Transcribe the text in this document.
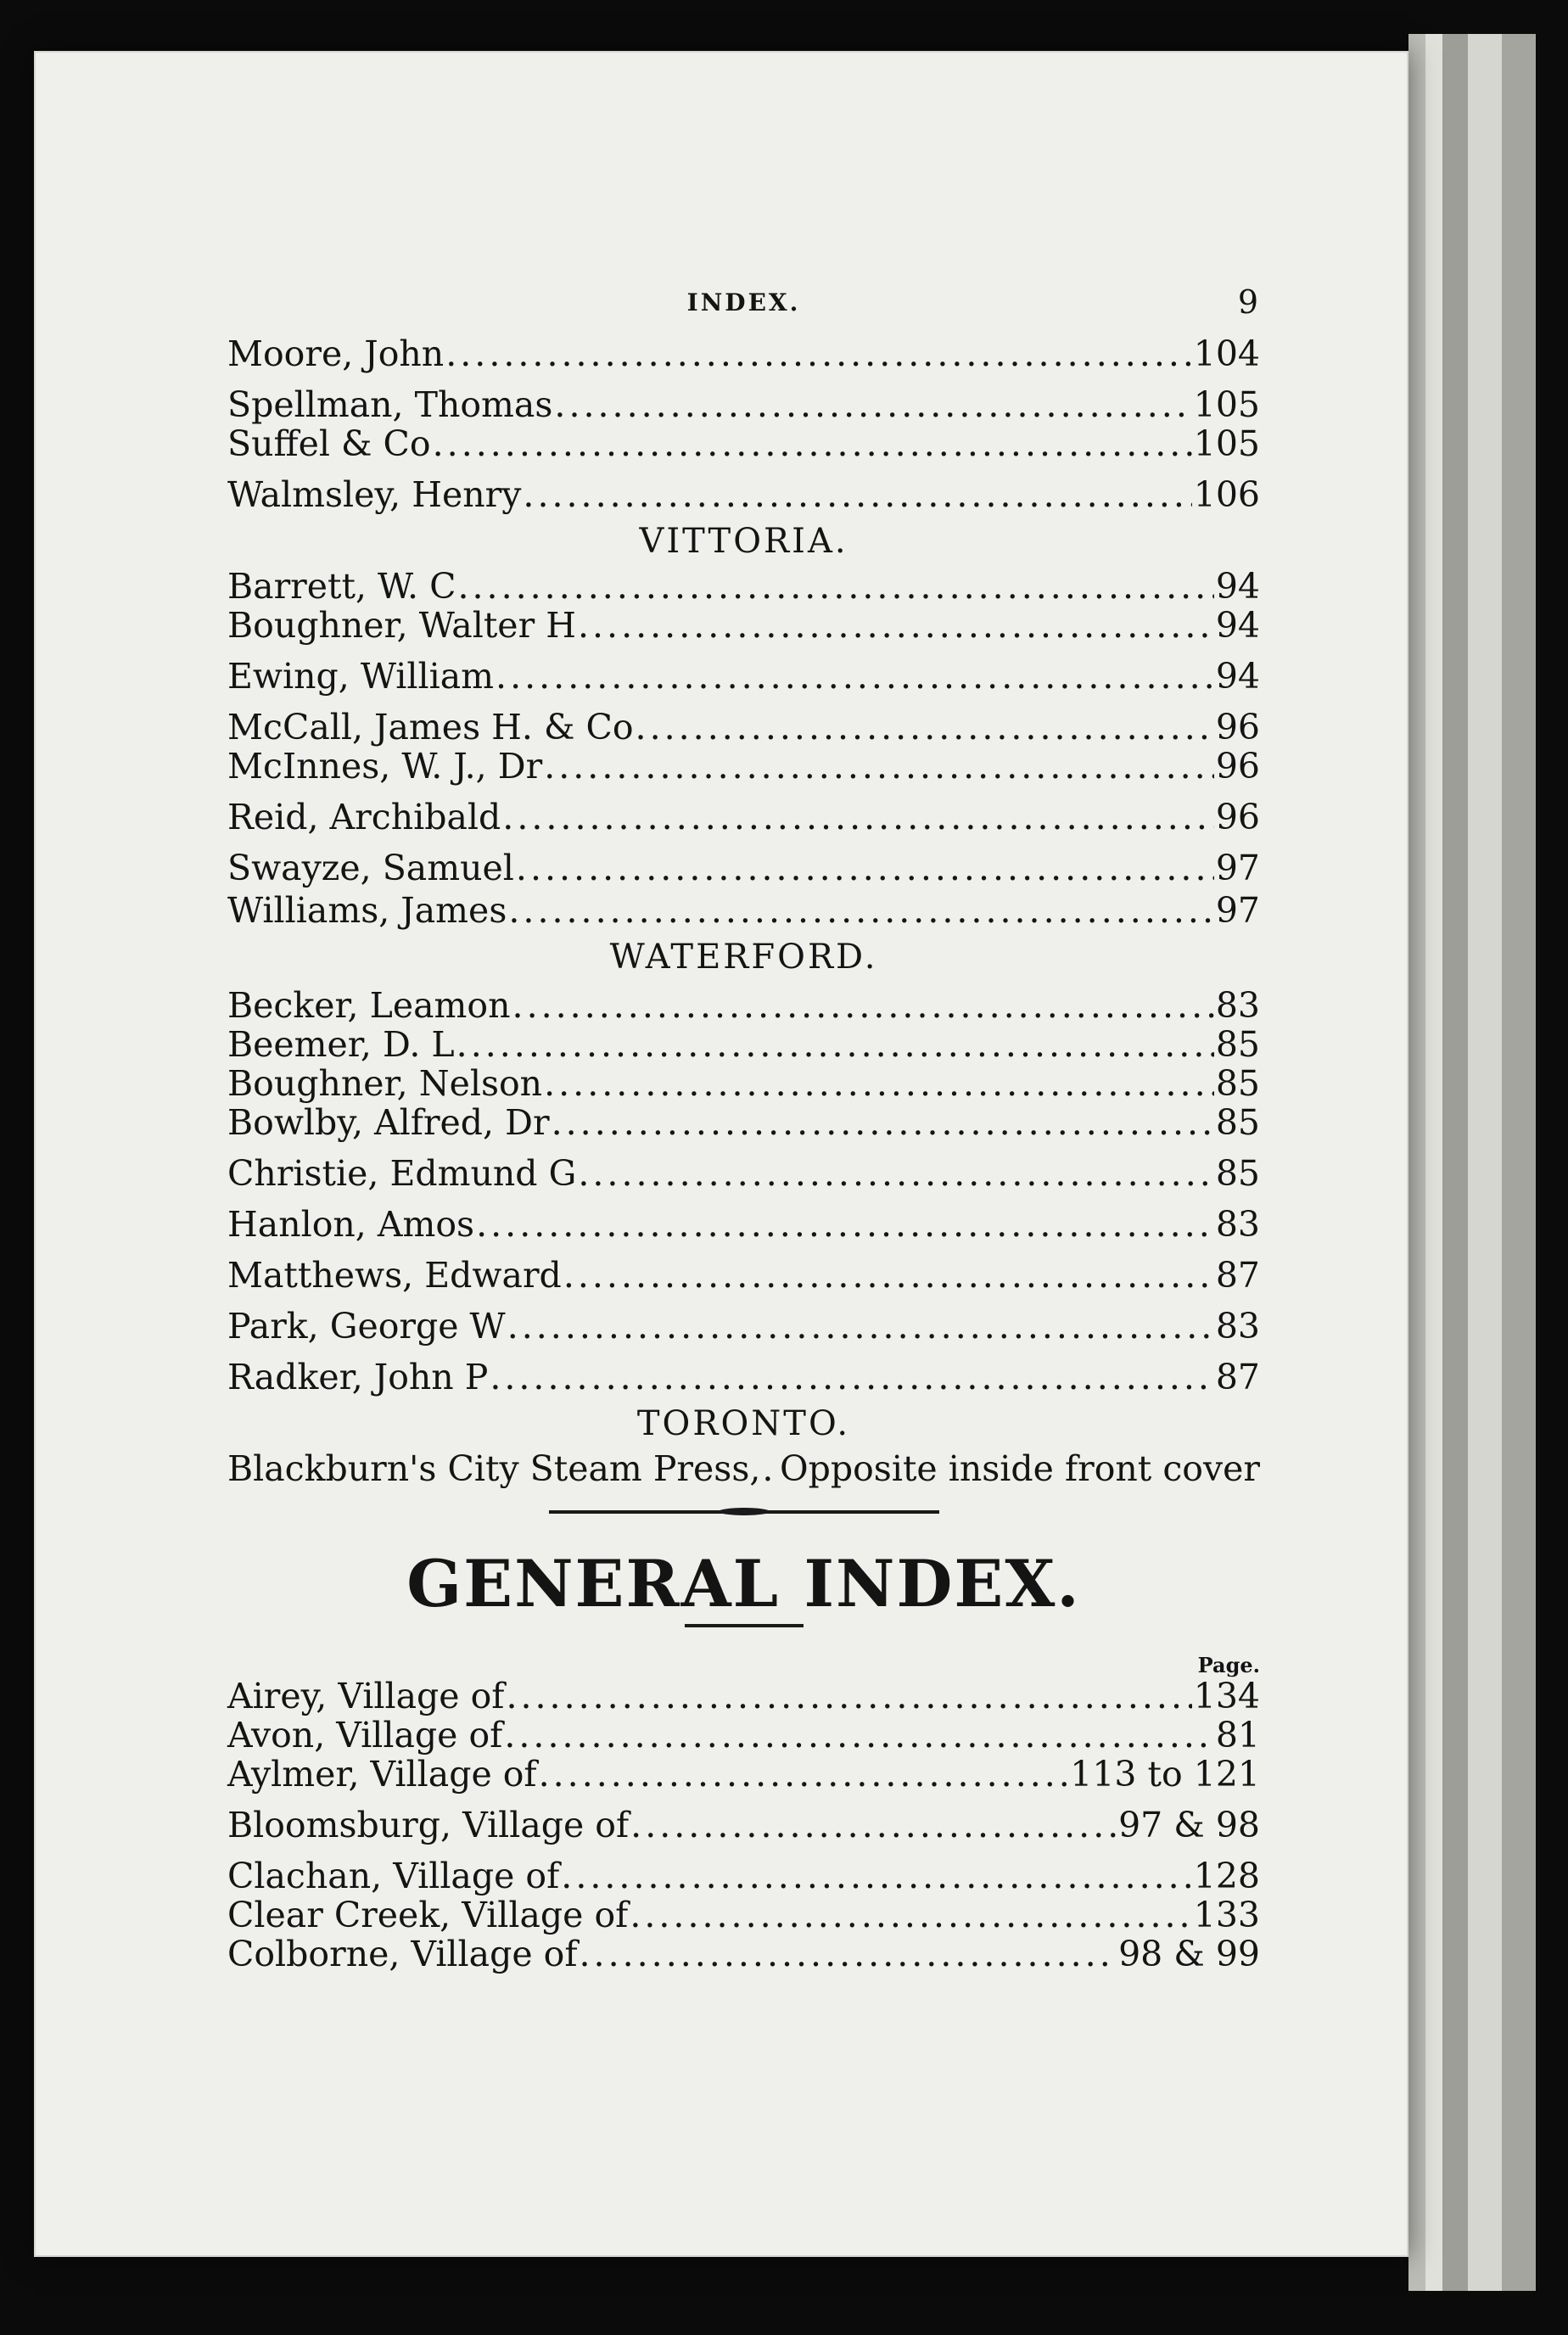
INDEX.	9
Moore, John .....	104
Spellman, Thomas .....	105
Suffel & Co .....	105
Walmsley, Henry .....	106
VITTORIA.
Barrett, W. C .....	94
Boughner, Walter H .....	94
Ewing, William .....	94
McCall, James H. & Co .....	96
McInnes, W. J., Dr .....	96
Reid, Archibald .....	96
Swayze, Samuel .....	97
Williams, James .....	97
WATERFORD.
Becker, Leamon .....	83
Beemer, D. L .....	85
Boughner, Nelson .....	85
Bowlby, Alfred, Dr .....	85
Christie, Edmund G .....	85
Hanlon, Amos .....	83
Matthews, Edward .....	87
Park, George W .....	83
Radker, John P .....	87
TORONTO.
Blackburn's City Steam Press, ..... Opposite inside front cover
GENERAL INDEX.
Page.
Airey, Village of .....	134
Avon, Village of .....	81
Aylmer, Village of .....	113 to 121
Bloomsburg, Village of .....	97 & 98
Clachan, Village of .....	128
Clear Creek, Village of .....	133
Colborne, Village of .....	98 & 99
